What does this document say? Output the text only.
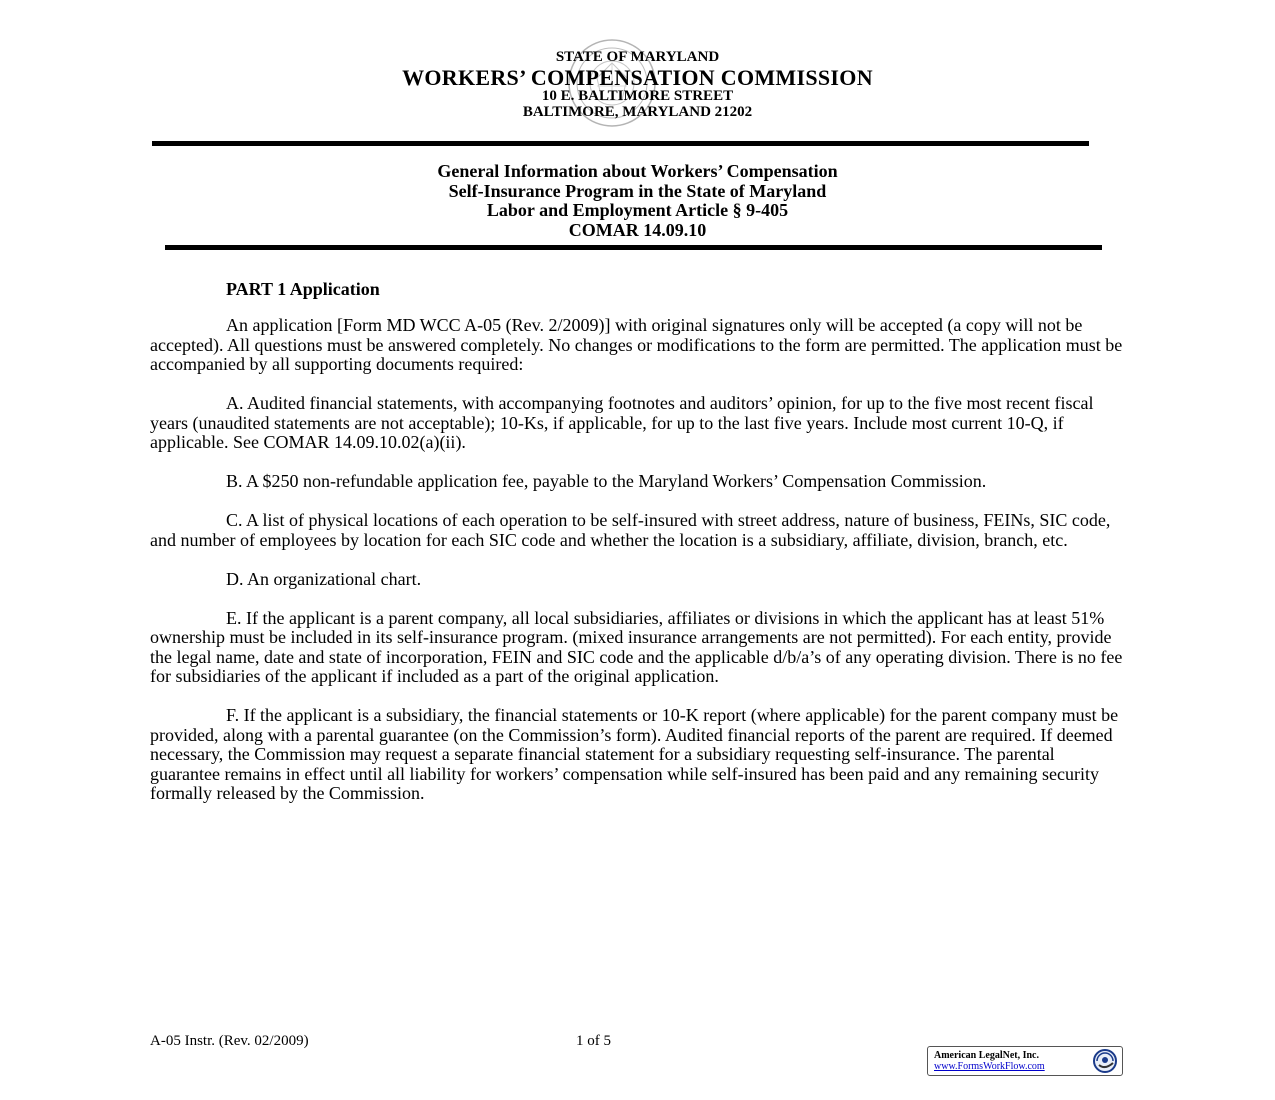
STATE OF MARYLAND
WORKERS’ COMPENSATION COMMISSION
10 E. BALTIMORE STREET
BALTIMORE, MARYLAND 21202
General Information about Workers’ Compensation
Self-Insurance Program in the State of Maryland
Labor and Employment Article § 9-405
COMAR 14.09.10
PART 1 Application

An application [Form MD WCC A-05 (Rev. 2/2009)] with original signatures only will be accepted (a copy will not be accepted). All questions must be answered completely. No changes or modifications to the form are permitted. The application must be accompanied by all supporting documents required:

A. Audited financial statements, with accompanying footnotes and auditors’ opinion, for up to the five most recent fiscal years (unaudited statements are not acceptable); 10-Ks, if applicable, for up to the last five years. Include most current 10-Q, if applicable. See COMAR 14.09.10.02(a)(ii).

B. A $250 non-refundable application fee, payable to the Maryland Workers’ Compensation Commission.

C. A list of physical locations of each operation to be self-insured with street address, nature of business, FEINs, SIC code, and number of employees by location for each SIC code and whether the location is a subsidiary, affiliate, division, branch, etc.

D. An organizational chart.

E. If the applicant is a parent company, all local subsidiaries, affiliates or divisions in which the applicant has at least 51% ownership must be included in its self-insurance program. (mixed insurance arrangements are not permitted). For each entity, provide the legal name, date and state of incorporation, FEIN and SIC code and the applicable d/b/a’s of any operating division. There is no fee for subsidiaries of the applicant if included as a part of the original application.

F. If the applicant is a subsidiary, the financial statements or 10-K report (where applicable) for the parent company must be provided, along with a parental guarantee (on the Commission’s form). Audited financial reports of the parent are required. If deemed necessary, the Commission may request a separate financial statement for a subsidiary requesting self-insurance. The parental guarantee remains in effect until all liability for workers’ compensation while self-insured has been paid and any remaining security formally released by the Commission.

A-05 Instr. (Rev. 02/2009)	1 of 5
American LegalNet, Inc.
www.FormsWorkFlow.com
